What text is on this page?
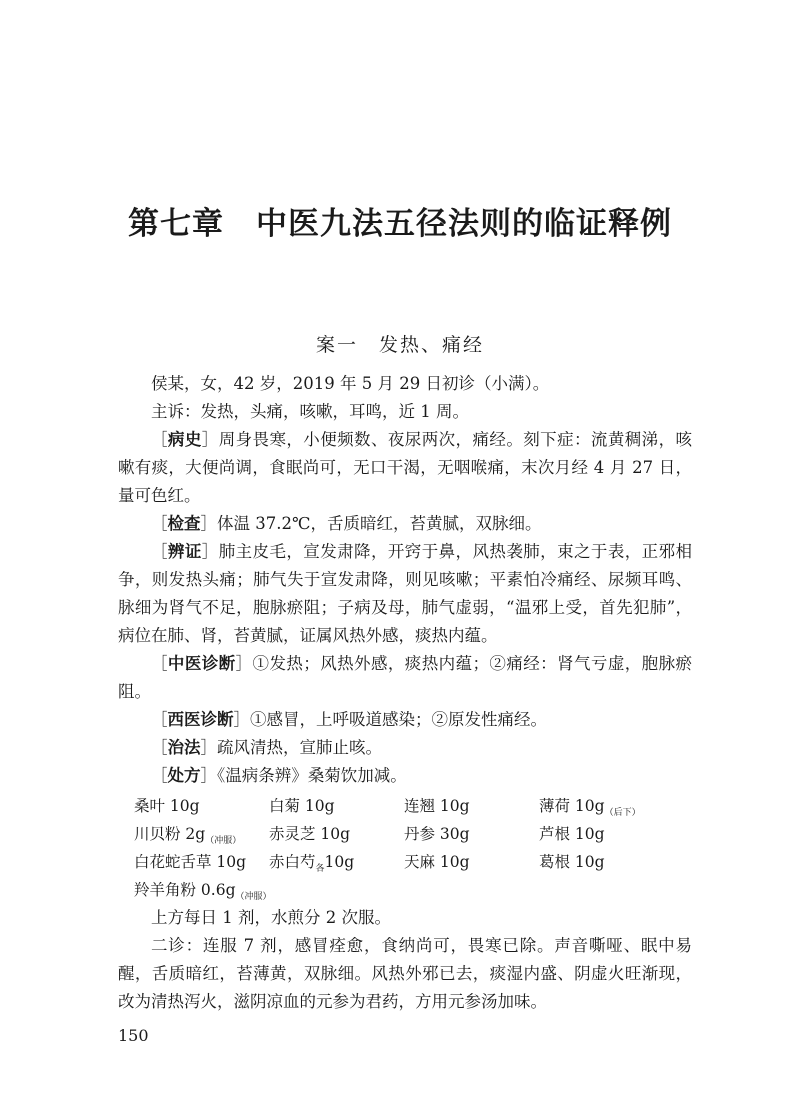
第七章　中医九法五径法则的临证释例
案一　发热、痛经

侯某，女，42 岁，2019 年 5 月 29 日初诊（小满）。

主诉：发热，头痛，咳嗽，耳鸣，近 1 周。

［病史］周身畏寒，小便频数、夜尿两次，痛经。刻下症：流黄稠涕，咳嗽有痰，大便尚调，食眠尚可，无口干渴，无咽喉痛，末次月经 4 月 27 日，量可色红。

［检查］体温 37.2℃，舌质暗红，苔黄腻，双脉细。

［辨证］肺主皮毛，宣发肃降，开窍于鼻，风热袭肺，束之于表，正邪相争，则发热头痛；肺气失于宣发肃降，则见咳嗽；平素怕冷痛经、尿频耳鸣、脉细为肾气不足，胞脉瘀阻；子病及母，肺气虚弱，“温邪上受，首先犯肺”，病位在肺、肾，苔黄腻，证属风热外感，痰热内蕴。

［中医诊断］①发热；风热外感，痰热内蕴；②痛经：肾气亏虚，胞脉瘀阻。

［西医诊断］①感冒，上呼吸道感染；②原发性痛经。

［治法］疏风清热，宣肺止咳。

［处方］《温病条辨》桑菊饮加减。

桑叶 10g	白菊 10g	连翘 10g	薄荷 $10g_{(后下)}$
川贝粉 $2g_{(冲服)}$	赤灵芝 10g	丹参 30g	芦根 10g
白花蛇舌草 10g	赤白芍$_各$10g	天麻 10g	葛根 10g
羚羊角粉 $0.6g_{(冲服)}$

上方每日 1 剂，水煎分 2 次服。

二诊：连服 7 剂，感冒痊愈，食纳尚可，畏寒已除。声音嘶哑、眠中易醒，舌质暗红，苔薄黄，双脉细。风热外邪已去，痰湿内盛、阴虚火旺渐现，改为清热泻火，滋阴凉血的元参为君药，方用元参汤加味。

150
